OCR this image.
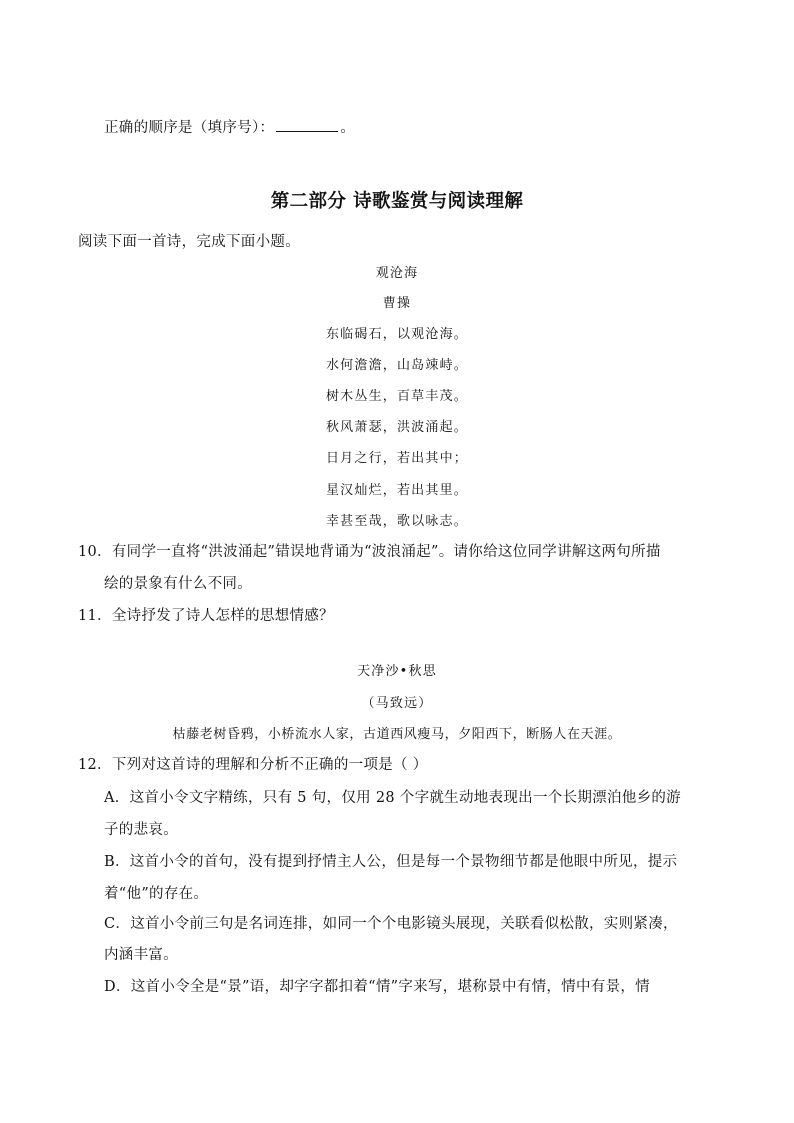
正确的顺序是（填序号）：	。
第二部分 诗歌鉴赏与阅读理解
阅读下面一首诗，完成下面小题。
观沧海
曹操
东临碣石，以观沧海。
水何澹澹，山岛竦峙。
树木丛生，百草丰茂。
秋风萧瑟，洪波涌起。
日月之行，若出其中；
星汉灿烂，若出其里。
幸甚至哉，歌以咏志。
10．有同学一直将“洪波涌起”错误地背诵为“波浪涌起”。请你给这位同学讲解这两句所描
绘的景象有什么不同。
11．全诗抒发了诗人怎样的思想情感？
天净沙•秋思
（马致远）
枯藤老树昏鸦，小桥流水人家，古道西风瘦马，夕阳西下，断肠人在天涯。
12．下列对这首诗的理解和分析不正确的一项是（ ）
A．这首小令文字精练，只有 5 句，仅用 28 个字就生动地表现出一个长期漂泊他乡的游
子的悲哀。
B．这首小令的首句，没有提到抒情主人公，但是每一个景物细节都是他眼中所见，提示
着“他”的存在。
C．这首小令前三句是名词连排，如同一个个电影镜头展现，关联看似松散，实则紧凑，
内涵丰富。
D．这首小令全是“景”语，却字字都扣着“情”字来写，堪称景中有情，情中有景，情
